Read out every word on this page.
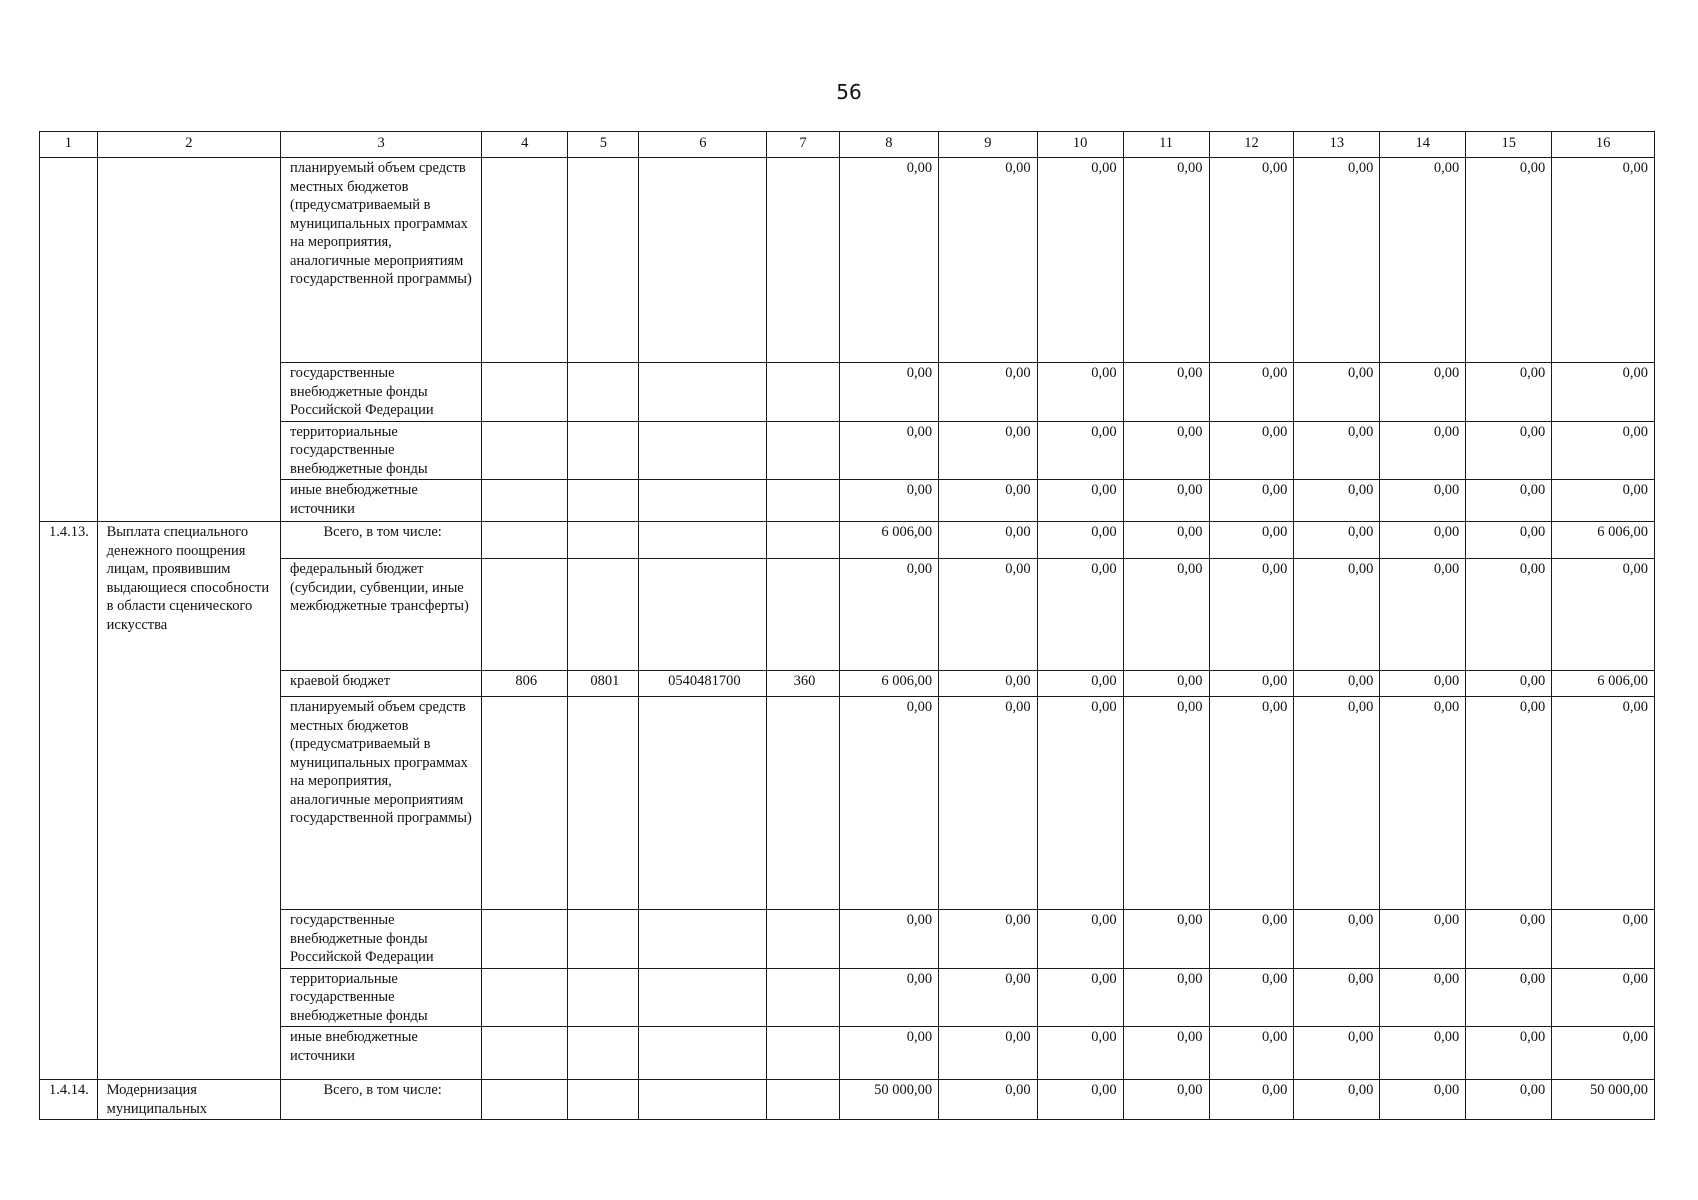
56
1	2	3	4	5	6	7	8	9	10	11	12	13	14	15	16
		планируемый объем средств местных бюджетов (предусматриваемый в муниципальных программах на мероприятия, аналогичные мероприятиям государственной программы)					0,00	0,00	0,00	0,00	0,00	0,00	0,00	0,00	0,00
		государственные внебюджетные фонды Российской Федерации					0,00	0,00	0,00	0,00	0,00	0,00	0,00	0,00	0,00
		территориальные государственные внебюджетные фонды					0,00	0,00	0,00	0,00	0,00	0,00	0,00	0,00	0,00
		иные внебюджетные источники					0,00	0,00	0,00	0,00	0,00	0,00	0,00	0,00	0,00
1.4.13.	Выплата специального денежного поощрения лицам, проявившим выдающиеся способности в области сценического искусства	Всего, в том числе:					6 006,00	0,00	0,00	0,00	0,00	0,00	0,00	0,00	6 006,00
		федеральный бюджет (субсидии, субвенции, иные межбюджетные трансферты)					0,00	0,00	0,00	0,00	0,00	0,00	0,00	0,00	0,00
		краевой бюджет	806	0801	0540481700	360	6 006,00	0,00	0,00	0,00	0,00	0,00	0,00	0,00	6 006,00
		планируемый объем средств местных бюджетов (предусматриваемый в муниципальных программах на мероприятия, аналогичные мероприятиям государственной программы)					0,00	0,00	0,00	0,00	0,00	0,00	0,00	0,00	0,00
		государственные внебюджетные фонды Российской Федерации					0,00	0,00	0,00	0,00	0,00	0,00	0,00	0,00	0,00
		территориальные государственные внебюджетные фонды					0,00	0,00	0,00	0,00	0,00	0,00	0,00	0,00	0,00
		иные внебюджетные источники					0,00	0,00	0,00	0,00	0,00	0,00	0,00	0,00	0,00
1.4.14.	Модернизация муниципальных	Всего, в том числе:					50 000,00	0,00	0,00	0,00	0,00	0,00	0,00	0,00	50 000,00
